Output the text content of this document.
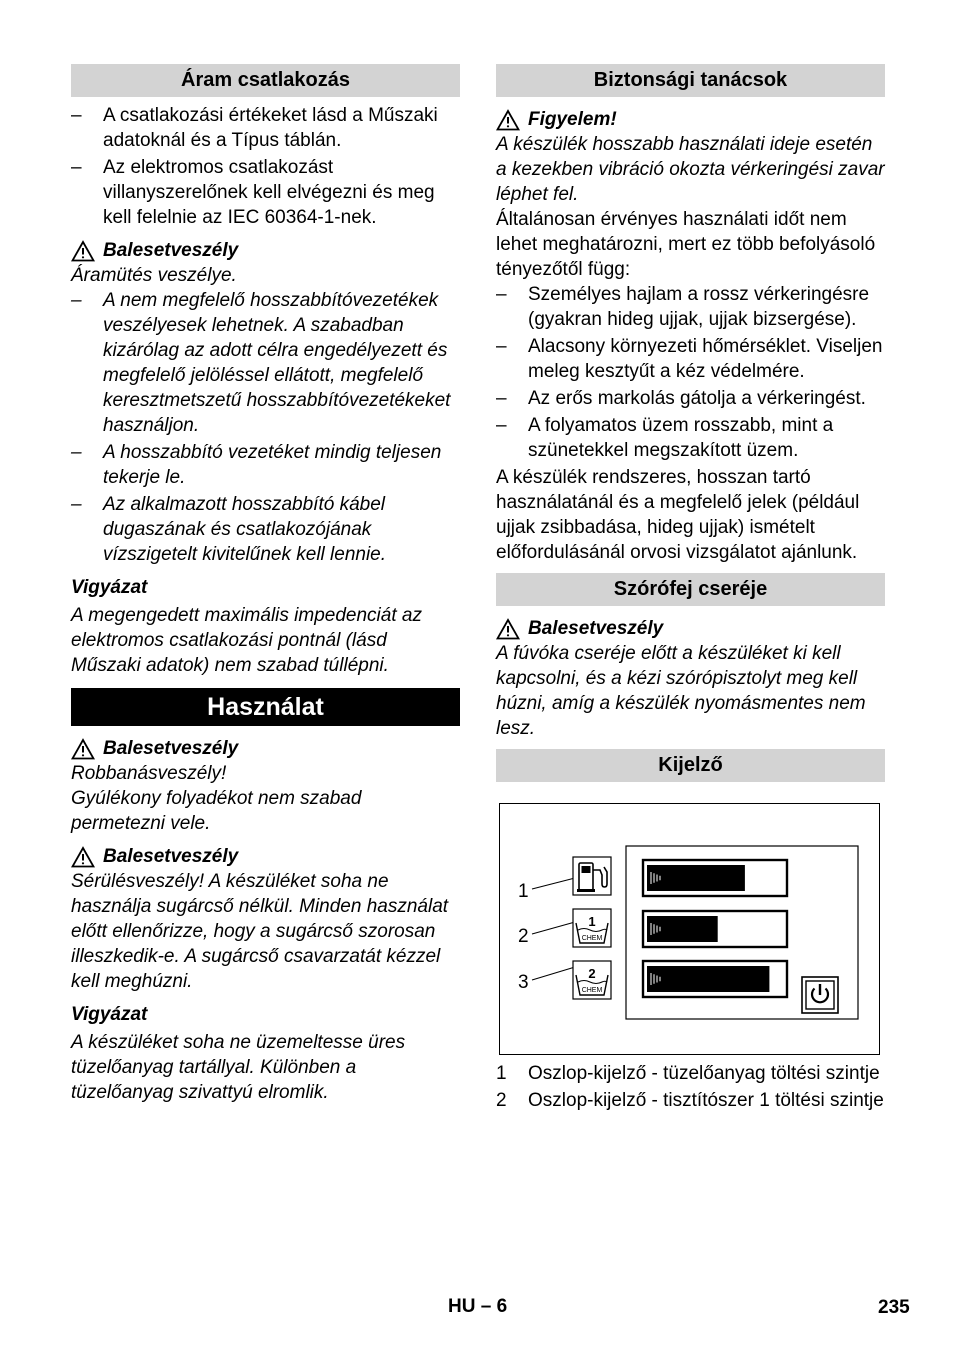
Áram csatlakozás
– A csatlakozási értékeket lásd a Műszaki adatoknál és a Típus táblán.
– Az elektromos csatlakozást villanyszerelőnek kell elvégezni és meg kell felelnie az IEC 60364-1-nek.
Balesetveszély

Áramütés veszélye.

– A nem megfelelő hosszabbítóvezetékek veszélyesek lehetnek. A szabadban kizárólag az adott célra engedélyezett és megfelelő jelöléssel ellátott, megfelelő keresztmetszetű hosszabbítóvezetékeket használjon.
– A hosszabbító vezetéket mindig teljesen tekerje le.
– Az alkalmazott hosszabbító kábel dugaszának és csatlakozójának vízszigetelt kivitelűnek kell lennie.

Vigyázat

A megengedett maximális impedenciát az elektromos csatlakozási pontnál (lásd Műszaki adatok) nem szabad túllépni.

Használat
Balesetveszély

Robbanásveszély!

Gyúlékony folyadékot nem szabad permetezni vele.

Balesetveszély

Sérülésveszély! A készüléket soha ne használja sugárcső nélkül. Minden használat előtt ellenőrizze, hogy a sugárcső szorosan illeszkedik-e. A sugárcső csavarzatát kézzel kell meghúzni.

Vigyázat

A készüléket soha ne üzemeltesse üres tüzelőanyag tartállyal. Különben a tüzelőanyag szivattyú elromlik.

Biztonsági tanácsok
Figyelem!

A készülék hosszabb használati ideje esetén a kezekben vibráció okozta vérkeringési zavar léphet fel.

Általánosan érvényes használati időt nem lehet meghatározni, mert ez több befolyásoló tényezőtől függ:

– Személyes hajlam a rossz vérkeringésre (gyakran hideg ujjak, ujjak bizsergése).
– Alacsony környezeti hőmérséklet. Viseljen meleg kesztyűt a kéz védelmére.
– Az erős markolás gátolja a vérkeringést.
– A folyamatos üzem rosszabb, mint a szünetekkel megszakított üzem.

A készülék rendszeres, hosszan tartó használatánál és a megfelelő jelek (például ujjak zsibbadása, hideg ujjak) ismételt előfordulásánál orvosi vizsgálatot ajánlunk.

Szórófej cseréje
Balesetveszély

A fúvóka cseréje előtt a készüléket ki kell kapcsolni, és a kézi szórópisztolyt meg kell húzni, amíg a készülék nyomásmentes nem lesz.

Kijelző
1
2
3
1
CHEM
2
CHEM
1 Oszlop-kijelző - tüzelőanyag töltési szintje
2 Oszlop-kijelző - tisztítószer 1 töltési szintje
HU – 6	235
